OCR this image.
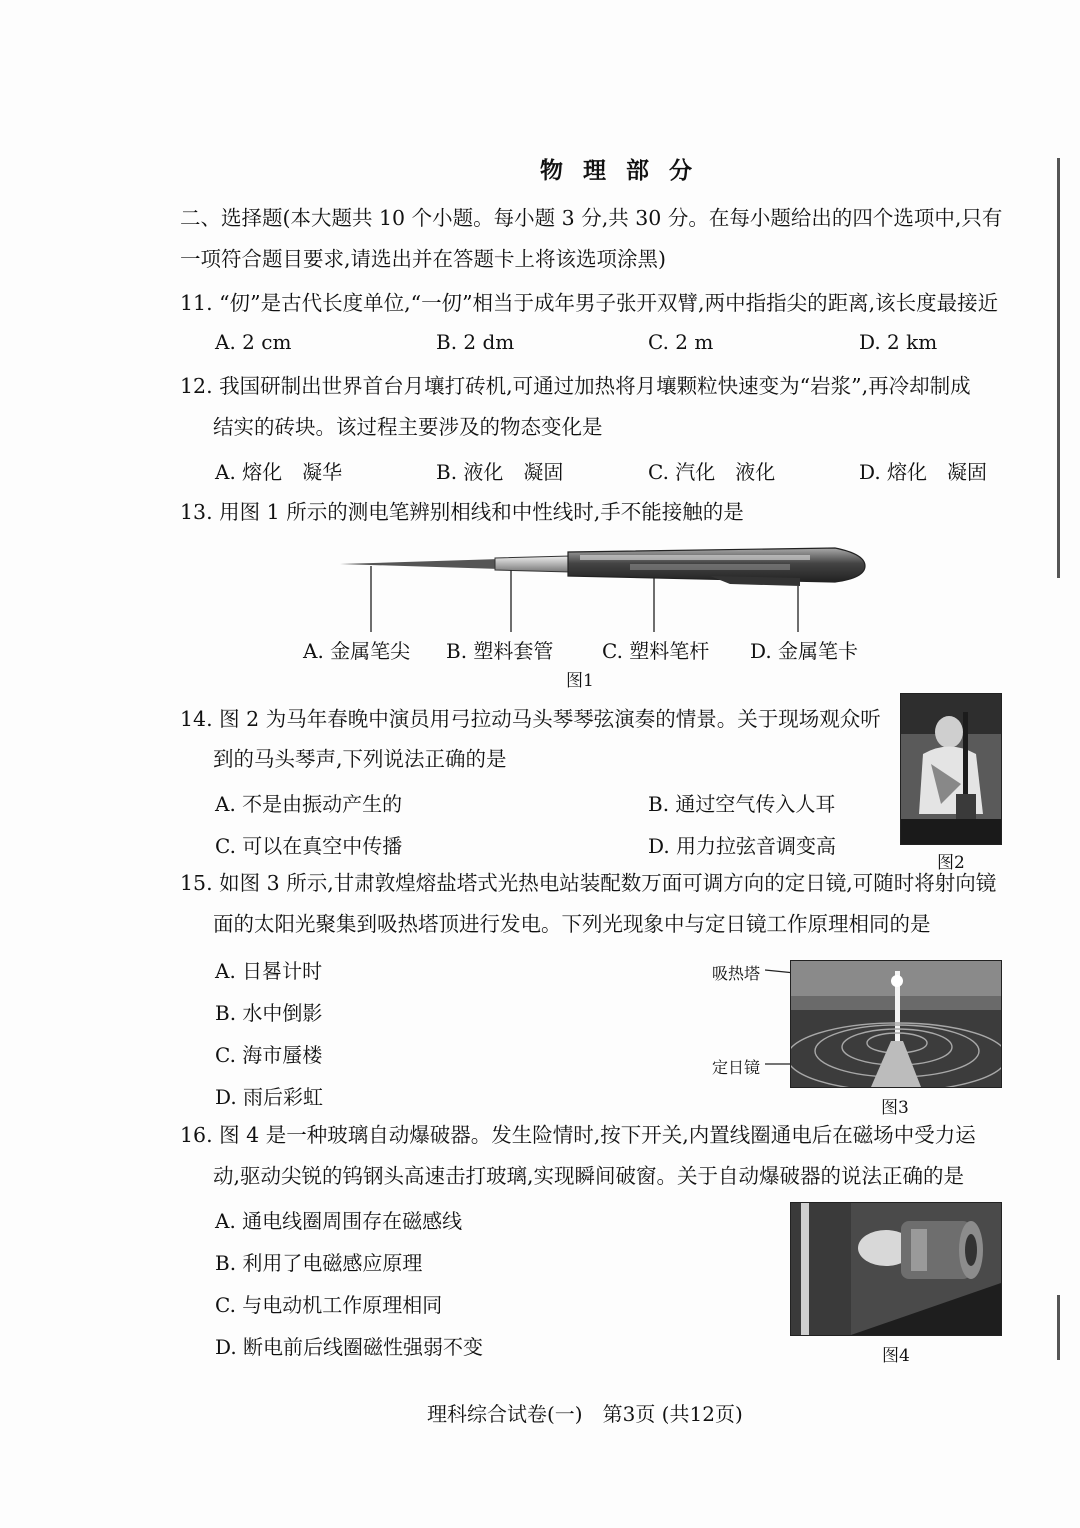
物 理 部 分
二、选择题(本大题共 10 个小题。每小题 3 分,共 30 分。在每小题给出的四个选项中,只有
一项符合题目要求,请选出并在答题卡上将该选项涂黑)
11. “仞”是古代长度单位,“一仞”相当于成年男子张开双臂,两中指指尖的距离,该长度最接近
A. 2 cm	B. 2 dm	C. 2 m	D. 2 km
12. 我国研制出世界首台月壤打砖机,可通过加热将月壤颗粒快速变为“岩浆”,再冷却制成
结实的砖块。该过程主要涉及的物态变化是
A. 熔化　凝华	B. 液化　凝固	C. 汽化　液化	D. 熔化　凝固
13. 用图 1 所示的测电笔辨别相线和中性线时,手不能接触的是
A. 金属笔尖 B. 塑料套管 C. 塑料笔杆 D. 金属笔卡
图1
14. 图 2 为马年春晚中演员用弓拉动马头琴琴弦演奏的情景。关于现场观众听
到的马头琴声,下列说法正确的是
A. 不是由振动产生的	B. 通过空气传入人耳
C. 可以在真空中传播	D. 用力拉弦音调变高
图2
15. 如图 3 所示,甘肃敦煌熔盐塔式光热电站装配数万面可调方向的定日镜,可随时将射向镜
面的太阳光聚集到吸热塔顶进行发电。下列光现象中与定日镜工作原理相同的是
A. 日晷计时
B. 水中倒影
C. 海市蜃楼
D. 雨后彩虹
吸热塔
定日镜
图3
16. 图 4 是一种玻璃自动爆破器。发生险情时,按下开关,内置线圈通电后在磁场中受力运
动,驱动尖锐的钨钢头高速击打玻璃,实现瞬间破窗。关于自动爆破器的说法正确的是
A. 通电线圈周围存在磁感线
B. 利用了电磁感应原理
C. 与电动机工作原理相同
D. 断电前后线圈磁性强弱不变	图4
理科综合试卷(一)　第3页 (共12页)
